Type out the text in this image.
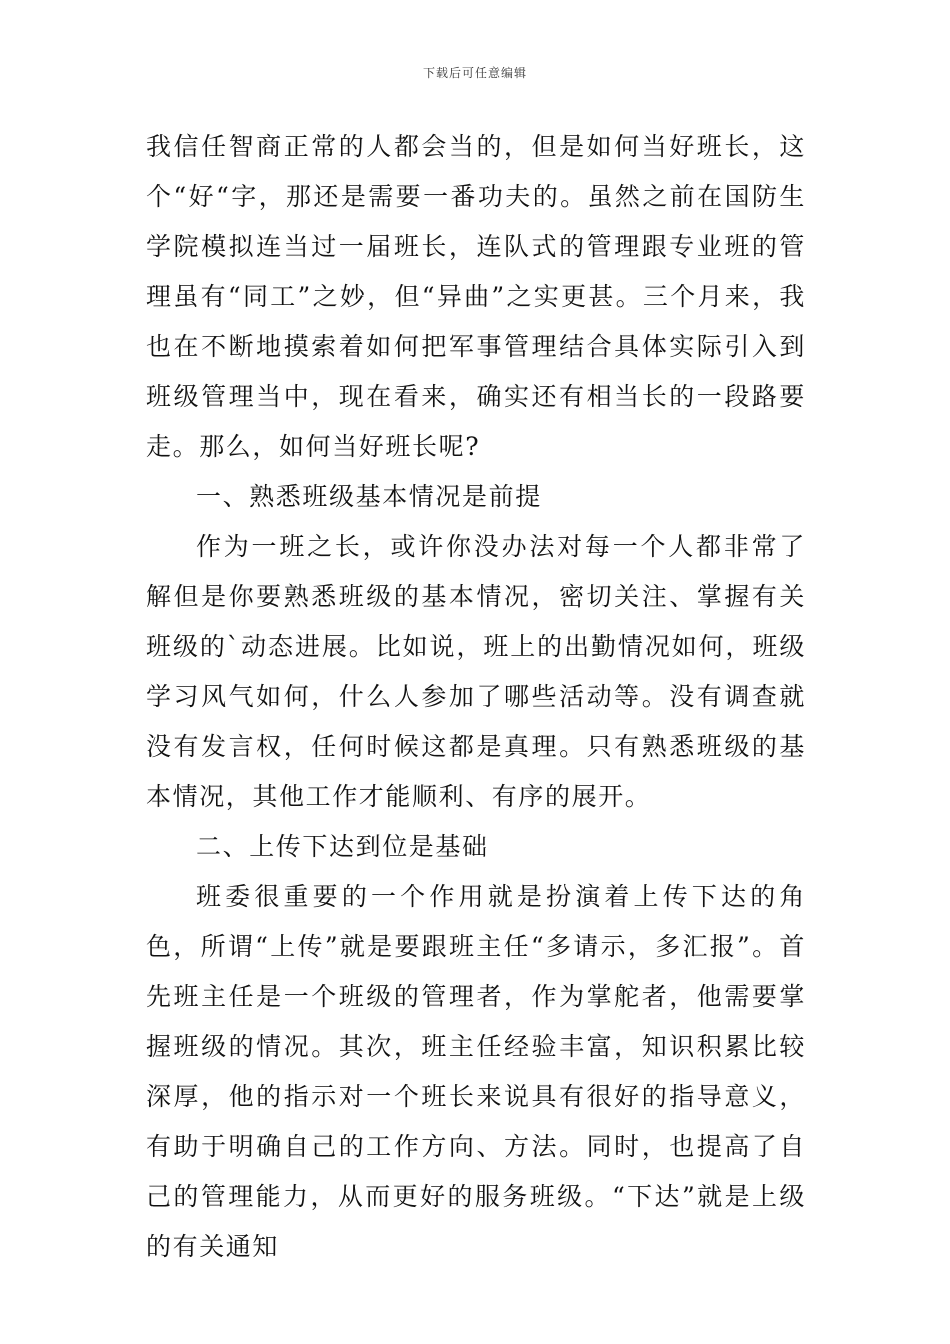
下载后可任意编辑

我信任智商正常的人都会当的，但是如何当好班长，这个“好“字，那还是需要一番功夫的。虽然之前在国防生学院模拟连当过一届班长，连队式的管理跟专业班的管理虽有“同工”之妙，但“异曲”之实更甚。三个月来，我也在不断地摸索着如何把军事管理结合具体实际引入到班级管理当中，现在看来，确实还有相当长的一段路要走。那么，如何当好班长呢?

一、熟悉班级基本情况是前提

作为一班之长，或许你没办法对每一个人都非常了解但是你要熟悉班级的基本情况，密切关注、掌握有关班级的`动态进展。比如说，班上的出勤情况如何，班级学习风气如何，什么人参加了哪些活动等。没有调查就没有发言权，任何时候这都是真理。只有熟悉班级的基本情况，其他工作才能顺利、有序的展开。

二、上传下达到位是基础

班委很重要的一个作用就是扮演着上传下达的角色，所谓“上传”就是要跟班主任“多请示，多汇报”。首先班主任是一个班级的管理者，作为掌舵者，他需要掌握班级的情况。其次，班主任经验丰富，知识积累比较深厚，他的指示对一个班长来说具有很好的指导意义，有助于明确自己的工作方向、方法。同时，也提高了自己的管理能力，从而更好的服务班级。“下达”就是上级的有关通知
